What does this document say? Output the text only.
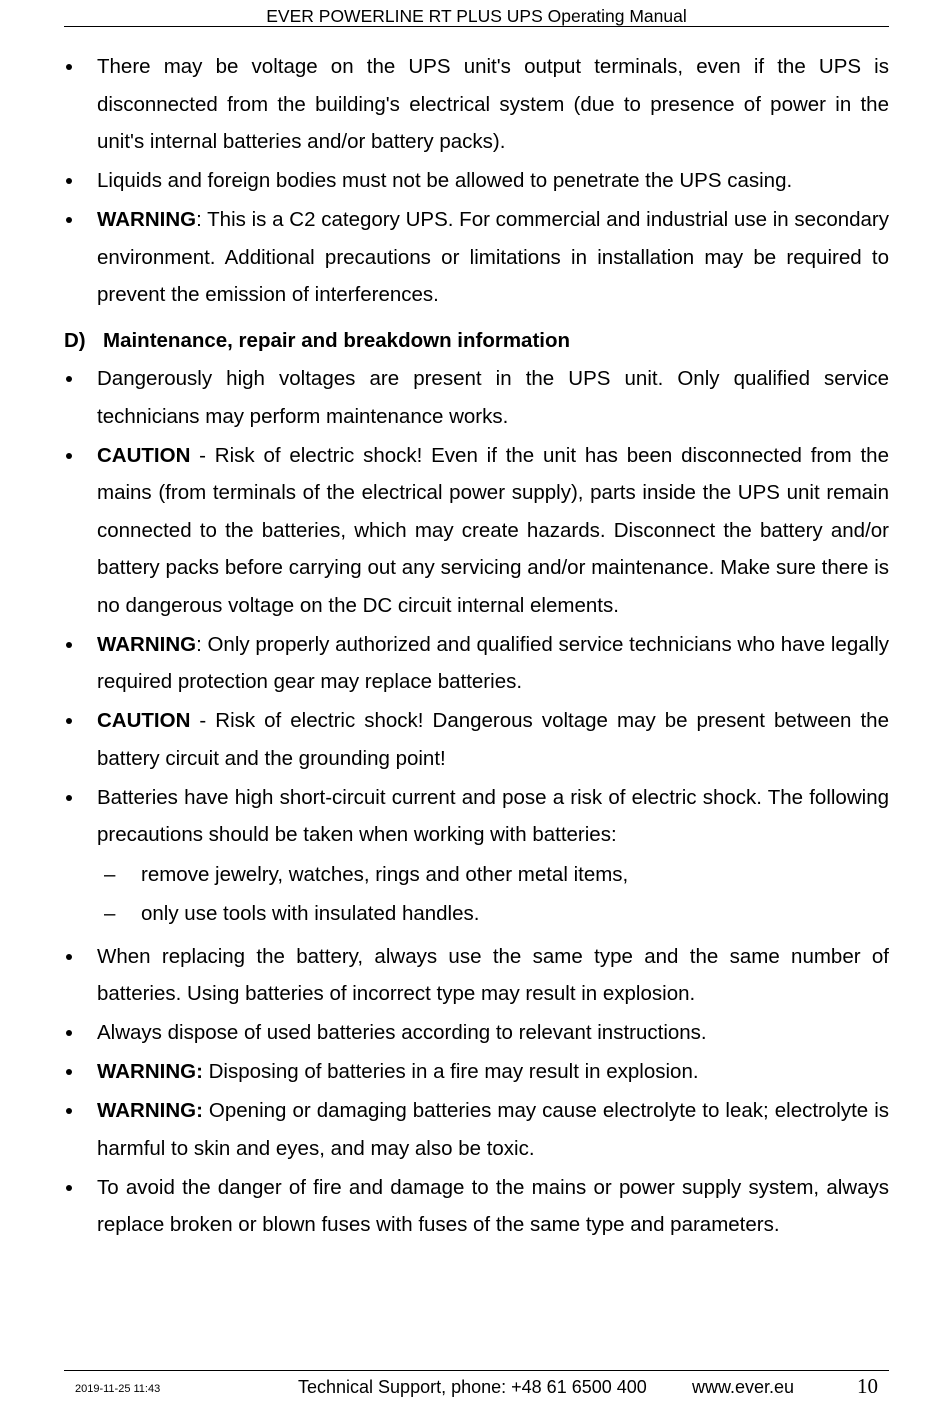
EVER POWERLINE RT PLUS UPS Operating Manual
There may be voltage on the UPS unit's output terminals, even if the UPS is disconnected from the building's electrical system (due to presence of power in the unit's internal batteries and/or battery packs).
Liquids and foreign bodies must not be allowed to penetrate the UPS casing.
WARNING: This is a C2 category UPS. For commercial and industrial use in secondary environment. Additional precautions or limitations in installation may be required to prevent the emission of interferences.
D) Maintenance, repair and breakdown information
Dangerously high voltages are present in the UPS unit. Only qualified service technicians may perform maintenance works.
CAUTION - Risk of electric shock! Even if the unit has been disconnected from the mains (from terminals of the electrical power supply), parts inside the UPS unit remain connected to the batteries, which may create hazards. Disconnect the battery and/or battery packs before carrying out any servicing and/or maintenance. Make sure there is no dangerous voltage on the DC circuit internal elements.
WARNING: Only properly authorized and qualified service technicians who have legally required protection gear may replace batteries.
CAUTION - Risk of electric shock! Dangerous voltage may be present between the battery circuit and the grounding point!
Batteries have high short-circuit current and pose a risk of electric shock. The following precautions should be taken when working with batteries:
– remove jewelry, watches, rings and other metal items,
– only use tools with insulated handles.
When replacing the battery, always use the same type and the same number of batteries. Using batteries of incorrect type may result in explosion.
Always dispose of used batteries according to relevant instructions.
WARNING: Disposing of batteries in a fire may result in explosion.
WARNING: Opening or damaging batteries may cause electrolyte to leak; electrolyte is harmful to skin and eyes, and may also be toxic.
To avoid the danger of fire and damage to the mains or power supply system, always replace broken or blown fuses with fuses of the same type and parameters.
2019-11-25 11:43	Technical Support, phone: +48 61 6500 400	www.ever.eu	10
